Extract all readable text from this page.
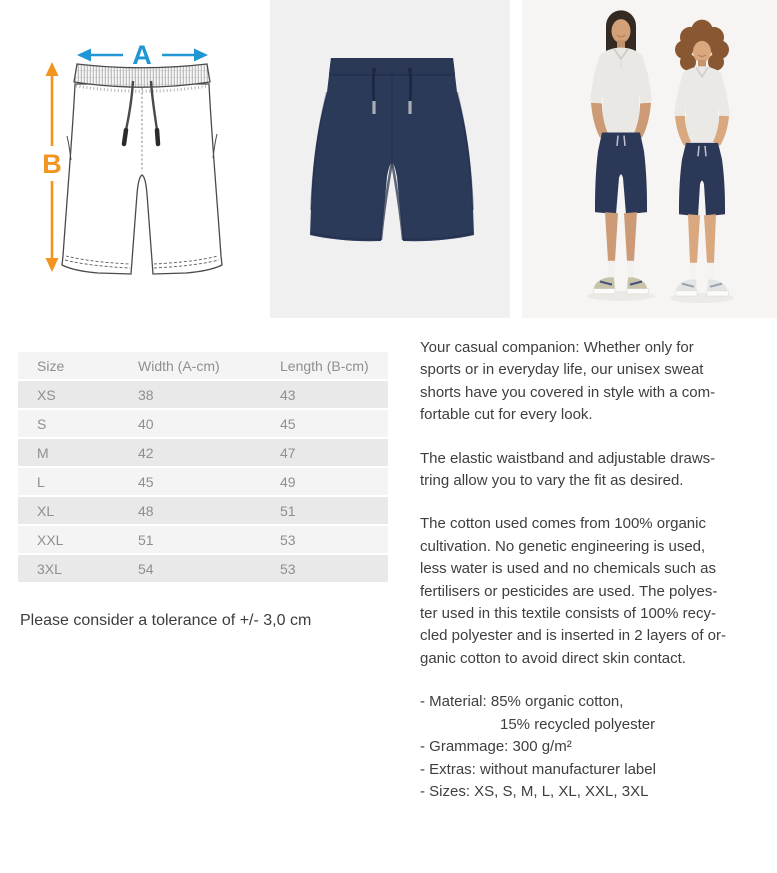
A
B
Size	Width (A-cm)	Length (B-cm)
XS	38	43
S	40	45
M	42	47
L	45	49
XL	48	51
XXL	51	53
3XL	54	53

Please consider a tolerance of +/- 3,0 cm

Your casual companion: Whether only for
sports or in everyday life, our unisex sweat
shorts have you covered in style with a com-
fortable cut for every look.
The elastic waistband and adjustable draws-
tring allow you to vary the fit as desired.
The cotton used comes from 100% organic
cultivation. No genetic engineering is used,
less water is used and no chemicals such as
fertilisers or pesticides are used. The polyes-
ter used in this textile consists of 100% recy-
cled polyester and is inserted in 2 layers of or-
ganic cotton to avoid direct skin contact.
- Material: 85% organic cotton,
15% recycled polyester
- Grammage: 300 g/m²
- Extras: without manufacturer label
- Sizes: XS, S, M, L, XL, XXL, 3XL
